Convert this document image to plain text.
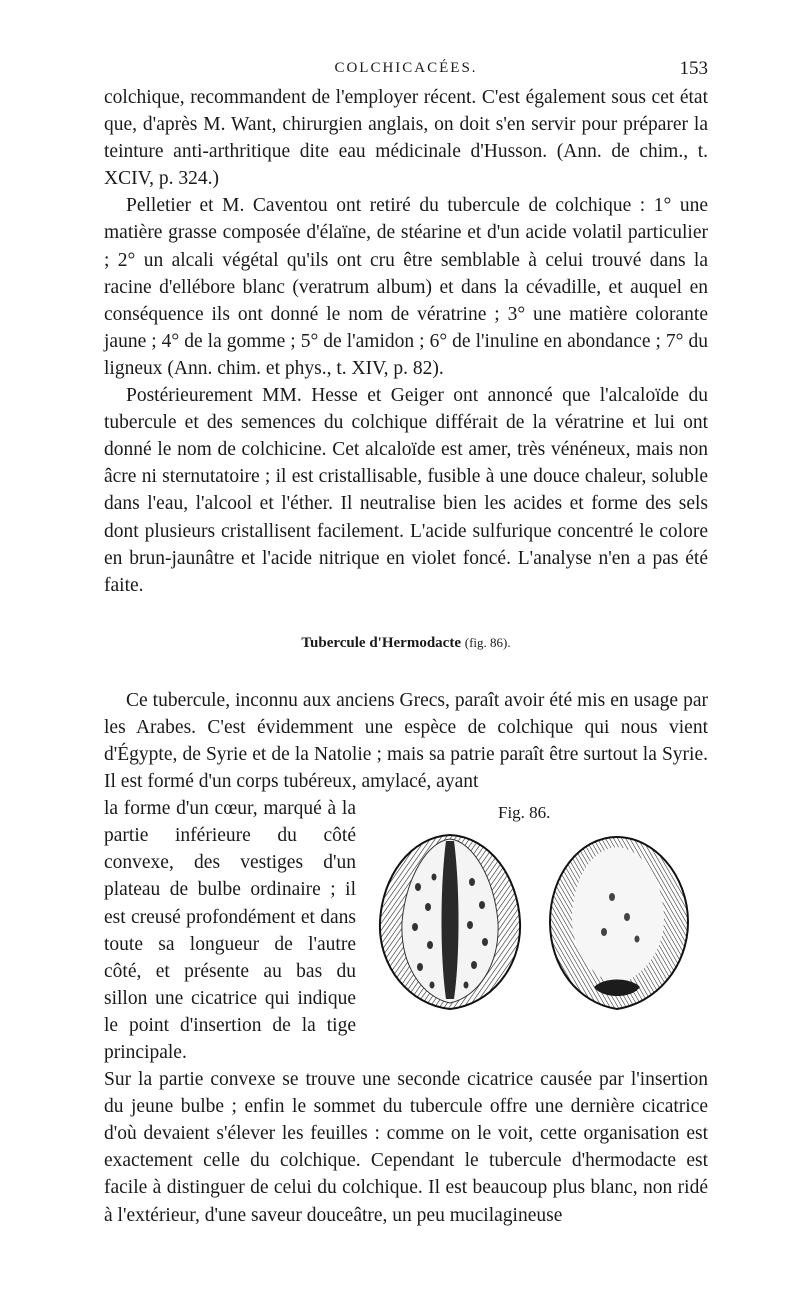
COLCHICACÉES.	153

colchique, recommandent de l'employer récent. C'est également sous cet état que, d'après M. Want, chirurgien anglais, on doit s'en servir pour préparer la teinture anti-arthritique dite eau médicinale d'Husson. (Ann. de chim., t. XCIV, p. 324.)

Pelletier et M. Caventou ont retiré du tubercule de colchique : 1° une matière grasse composée d'élaïne, de stéarine et d'un acide volatil particulier ; 2° un alcali végétal qu'ils ont cru être semblable à celui trouvé dans la racine d'ellébore blanc (veratrum album) et dans la cévadille, et auquel en conséquence ils ont donné le nom de vératrine ; 3° une matière colorante jaune ; 4° de la gomme ; 5° de l'amidon ; 6° de l'inuline en abondance ; 7° du ligneux (Ann. chim. et phys., t. XIV, p. 82).

Postérieurement MM. Hesse et Geiger ont annoncé que l'alcaloïde du tubercule et des semences du colchique différait de la vératrine et lui ont donné le nom de colchicine. Cet alcaloïde est amer, très vénéneux, mais non âcre ni sternutatoire ; il est cristallisable, fusible à une douce chaleur, soluble dans l'eau, l'alcool et l'éther. Il neutralise bien les acides et forme des sels dont plusieurs cristallisent facilement. L'acide sulfurique concentré le colore en brun-jaunâtre et l'acide nitrique en violet foncé. L'analyse n'en a pas été faite.

Tubercule d'Hermodacte (fig. 86).

Ce tubercule, inconnu aux anciens Grecs, paraît avoir été mis en usage par les Arabes. C'est évidemment une espèce de colchique qui nous vient d'Égypte, de Syrie et de la Natolie ; mais sa patrie paraît être surtout la Syrie. Il est formé d'un corps tubéreux, amylacé, ayant

Fig. 86.

la forme d'un cœur, marqué à la partie inférieure du côté convexe, des vestiges d'un plateau de bulbe ordinaire ; il est creusé profondément et dans toute sa longueur de l'autre côté, et présente au bas du sillon une cicatrice qui indique le point d'insertion de la tige principale.

Sur la partie convexe se trouve une seconde cicatrice causée par l'insertion du jeune bulbe ; enfin le sommet du tubercule offre une dernière cicatrice d'où devaient s'élever les feuilles : comme on le voit, cette organisation est exactement celle du colchique. Cependant le tubercule d'hermodacte est facile à distinguer de celui du colchique. Il est beaucoup plus blanc, non ridé à l'extérieur, d'une saveur douceâtre, un peu mucilagineuse
